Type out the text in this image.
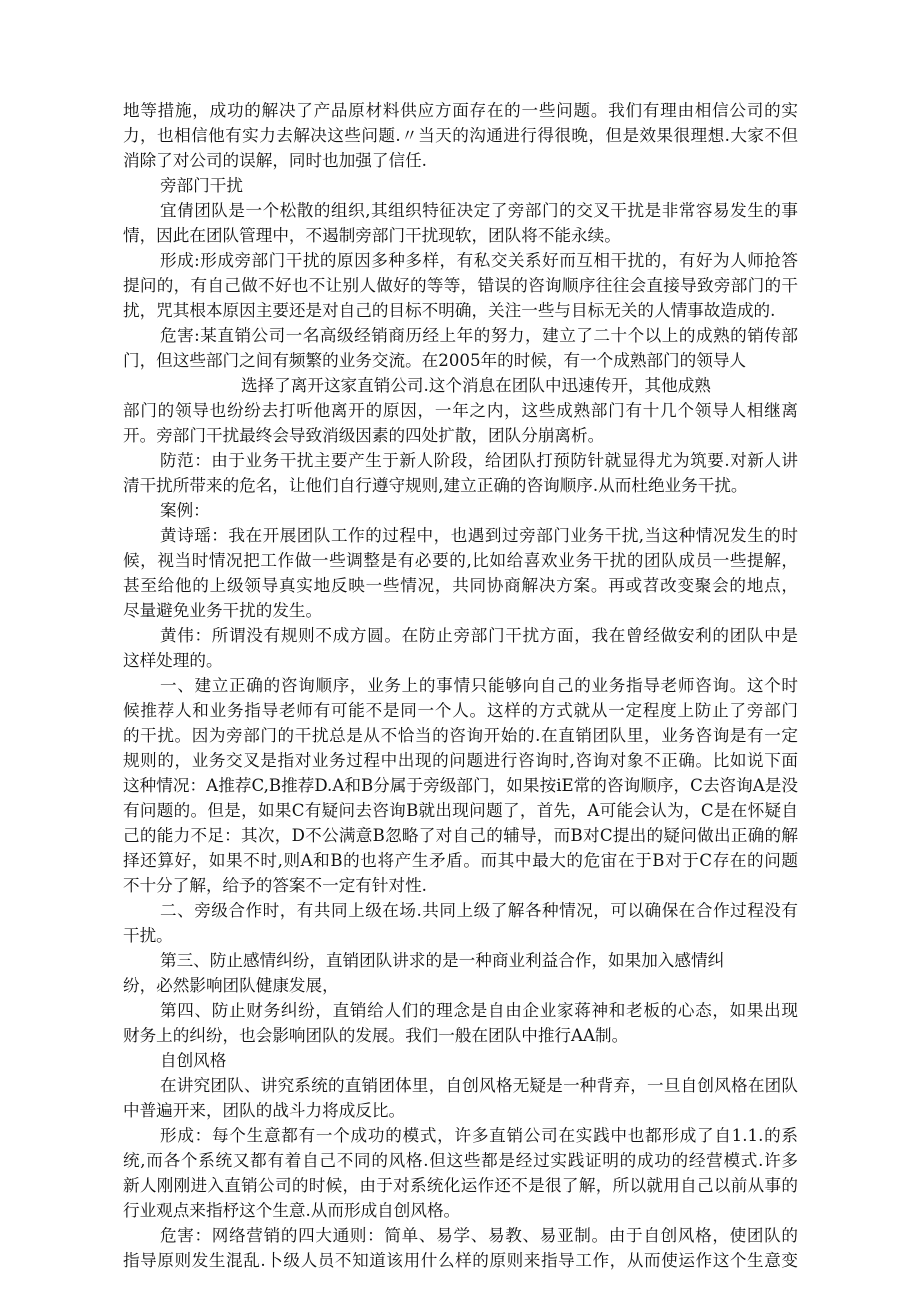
地等措施，成功的解决了产品原材料供应方面存在的一些问题。我们有理由相信公司的实
力，也相信他有实力去解决这些问题.〃当天的沟通进行得很晚，但是效果很理想.大家不但
消除了对公司的误解，同时也加强了信任.
旁部门干扰
宜倩团队是一个松散的组织,其组织特征决定了旁部门的交叉干扰是非常容易发生的事
情，因此在团队管理中，不遏制旁部门干扰现软，团队将不能永续。
形成:形成旁部门干扰的原因多种多样，有私交关系好而互相干扰的，有好为人师抢答
提问的，有自己做不好也不让别人做好的等等，错误的咨询顺序往往会直接导致旁部门的干
扰，咒其根本原因主要还是对自己的目标不明确，关注一些与目标无关的人情事故造成的.
危害:某直销公司一名高级经销商历经上年的努力，建立了二十个以上的成熟的销传部
门，但这些部门之间有频繁的业务交流。在2005年的时候，有一个成熟部门的领导人
选择了离开这家直销公司.这个消息在团队中迅速传开，其他成熟
部门的领导也纷纷去打听他离开的原因，一年之内，这些成熟部门有十几个领导人相继离
开。旁部门干扰最终会导致消级因素的四处扩散，团队分崩离析。
防范：由于业务干扰主要产生于新人阶段，给团队打预防针就显得尤为筑要.对新人讲
清干扰所带来的危名，让他们自行遵守规则,建立正确的咨询顺序.从而杜绝业务干扰。
案例：
黄诗瑶：我在开展团队工作的过程中，也遇到过旁部门业务干扰,当这种情况发生的时
候，视当时情况把工作做一些调整是有必要的,比如给喜欢业务干扰的团队成员一些提解，
甚至给他的上级领导真实地反映一些情况，共同协商解决方案。再或苕改变聚会的地点，
尽量避免业务干扰的发生。
黄伟：所谓没有规则不成方圆。在防止旁部门干扰方面，我在曾经做安利的团队中是
这样处理的。
一、建立正确的咨询顺序，业务上的事情只能够向自己的业务指导老师咨询。这个时
候推荐人和业务指导老师有可能不是同一个人。这样的方式就从一定程度上防止了旁部门
的干扰。因为旁部门的干扰总是从不恰当的咨询开始的.在直销团队里，业务咨询是有一定
规则的，业务交叉是指对业务过程中出现的问题进行咨询时,咨询对象不正确。比如说下面
这种情况：A推荐C,B推荐D.A和B分属于旁级部门，如果按iE常的咨询顺序，C去咨询A是没
有问题的。但是，如果C有疑问去咨询B就出现问题了，首先，A可能会认为，C是在怀疑自
己的能力不足：其次，D不公满意B忽略了对自己的辅导，而B对C提出的疑问做出正确的解
择还算好，如果不时,则A和B的也将产生矛盾。而其中最大的危宙在于B对于C存在的问题
不十分了解，给予的答案不一定有针对性.
二、旁级合作时，有共同上级在场.共同上级了解各种情况，可以确保在合作过程没有
干扰。
第三、防止感情纠纷，直销团队讲求的是一种商业利益合作，如果加入感情纠
纷，必然影响团队健康发展，
第四、防止财务纠纷，直销给人们的理念是自由企业家蒋神和老板的心态，如果出现
财务上的纠纷，也会影响团队的发展。我们一般在团队中推行AA制。
自创风格
在讲究团队、讲究系统的直销团体里，自创风格无疑是一种背弃，一旦自创风格在团队
中普遍开来，团队的战斗力将成反比。
形成：每个生意都有一个成功的模式，许多直销公司在实践中也都形成了自1.1.的系
统,而各个系统又都有着自己不同的风格.但这些都是经过实践证明的成功的经营模式.许多
新人刚刚进入直销公司的时候，由于对系统化运作还不是很了解，所以就用自己以前从事的
行业观点来指杼这个生意.从而形成自创风格。
危害：网络营销的四大通则：简单、易学、易教、易亚制。由于自创风格，使团队的
指导原则发生混乱.卜级人员不知道该用什么样的原则来指导工作，从而使运作这个生意变
